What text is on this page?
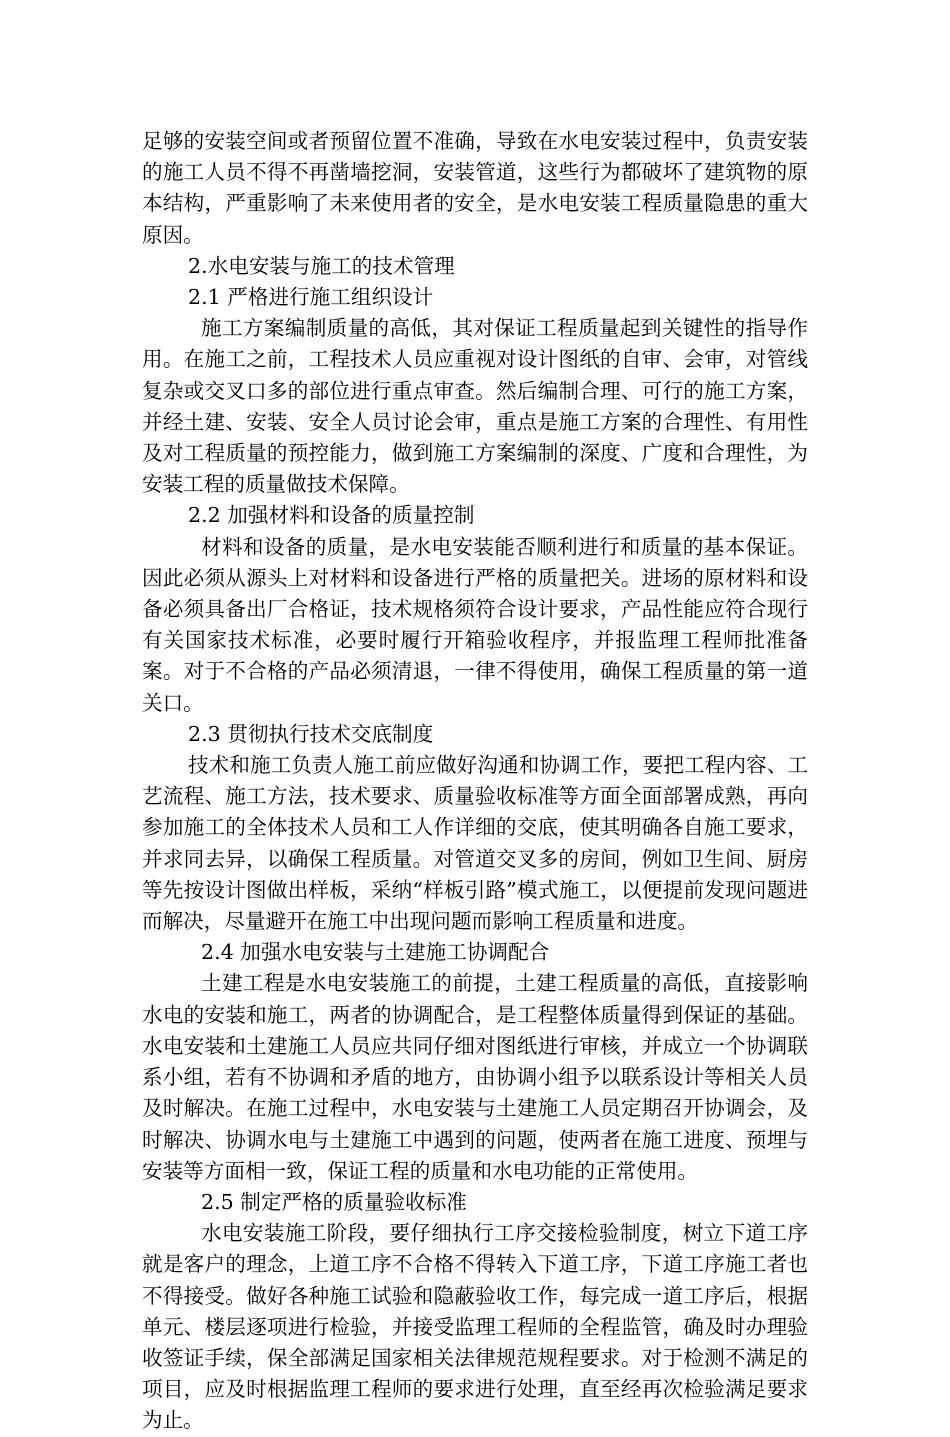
足够的安装空间或者预留位置不准确，导致在水电安装过程中，负责安装的施工人员不得不再凿墙挖洞，安装管道，这些行为都破坏了建筑物的原本结构，严重影响了未来使用者的安全，是水电安装工程质量隐患的重大原因。

2.水电安装与施工的技术管理

2.1 严格进行施工组织设计

施工方案编制质量的高低，其对保证工程质量起到关键性的指导作用。在施工之前，工程技术人员应重视对设计图纸的自审、会审，对管线复杂或交叉口多的部位进行重点审查。然后编制合理、可行的施工方案，并经土建、安装、安全人员讨论会审，重点是施工方案的合理性、有用性及对工程质量的预控能力，做到施工方案编制的深度、广度和合理性，为安装工程的质量做技术保障。

2.2 加强材料和设备的质量控制

材料和设备的质量，是水电安装能否顺利进行和质量的基本保证。因此必须从源头上对材料和设备进行严格的质量把关。进场的原材料和设备必须具备出厂合格证，技术规格须符合设计要求，产品性能应符合现行有关国家技术标准，必要时履行开箱验收程序，并报监理工程师批准备案。对于不合格的产品必须清退，一律不得使用，确保工程质量的第一道关口。

2.3 贯彻执行技术交底制度

技术和施工负责人施工前应做好沟通和协调工作，要把工程内容、工艺流程、施工方法，技术要求、质量验收标准等方面全面部署成熟，再向参加施工的全体技术人员和工人作详细的交底，使其明确各自施工要求，并求同去异，以确保工程质量。对管道交叉多的房间，例如卫生间、厨房等先按设计图做出样板，采纳“样板引路”模式施工，以便提前发现问题进而解决，尽量避开在施工中出现问题而影响工程质量和进度。

2.4 加强水电安装与土建施工协调配合

土建工程是水电安装施工的前提，土建工程质量的高低，直接影响水电的安装和施工，两者的协调配合，是工程整体质量得到保证的基础。水电安装和土建施工人员应共同仔细对图纸进行审核，并成立一个协调联系小组，若有不协调和矛盾的地方，由协调小组予以联系设计等相关人员及时解决。在施工过程中，水电安装与土建施工人员定期召开协调会，及时解决、协调水电与土建施工中遇到的问题，使两者在施工进度、预埋与安装等方面相一致，保证工程的质量和水电功能的正常使用。

2.5 制定严格的质量验收标准

水电安装施工阶段，要仔细执行工序交接检验制度，树立下道工序就是客户的理念，上道工序不合格不得转入下道工序，下道工序施工者也不得接受。做好各种施工试验和隐蔽验收工作，每完成一道工序后，根据单元、楼层逐项进行检验，并接受监理工程师的全程监管，确及时办理验收签证手续，保全部满足国家相关法律规范规程要求。对于检测不满足的项目，应及时根据监理工程师的要求进行处理，直至经再次检验满足要求为止。
